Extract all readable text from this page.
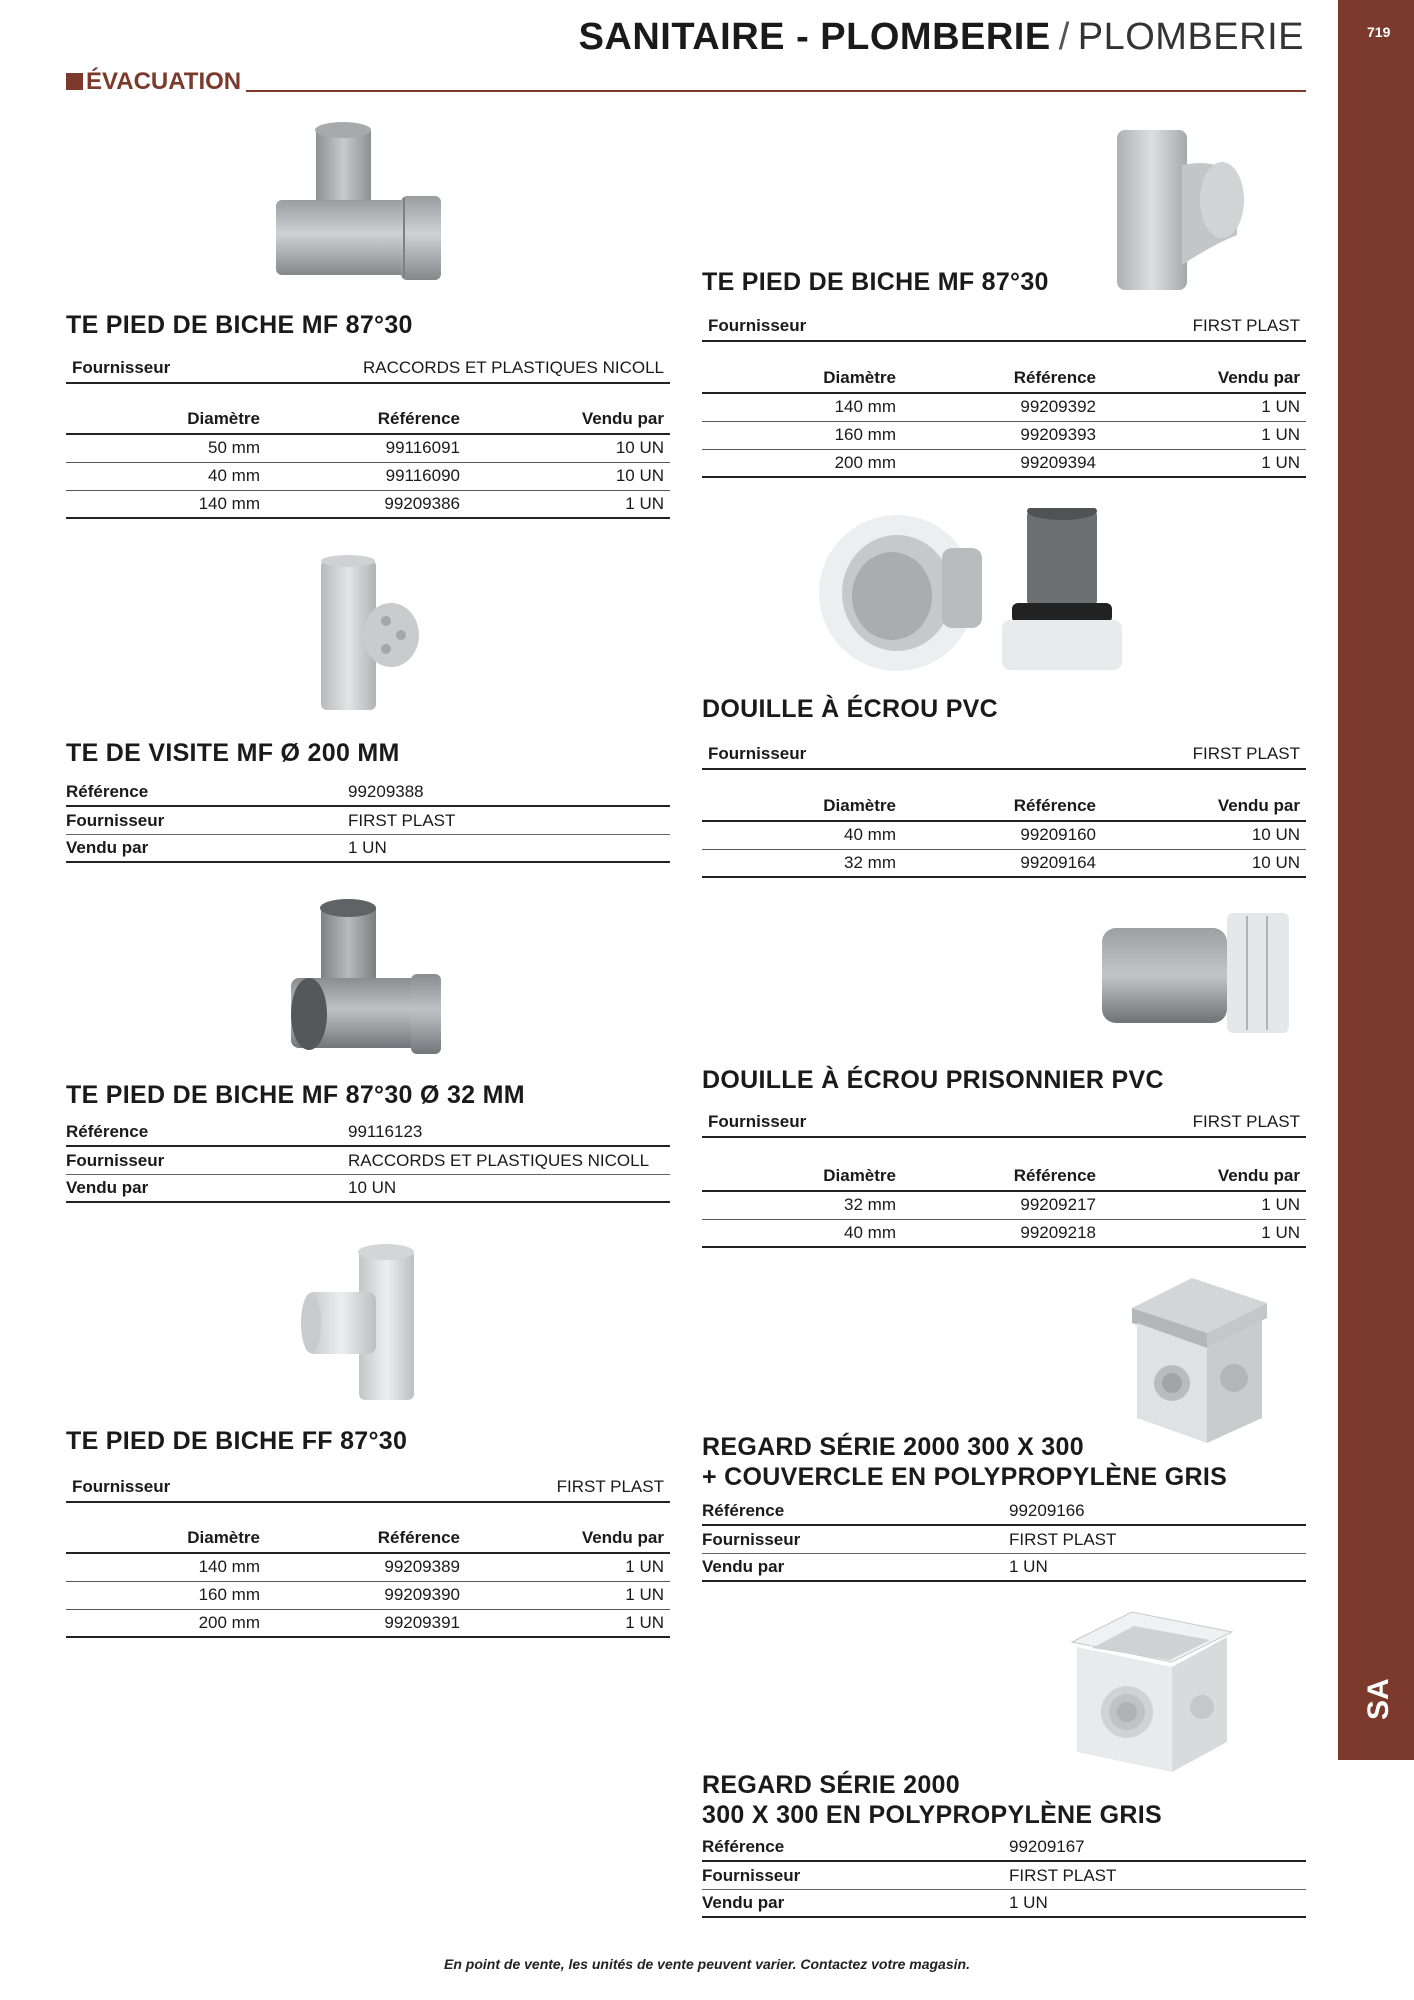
SANITAIRE - PLOMBERIE / PLOMBERIE
ÉVACUATION
719
SA
TE PIED DE BICHE MF 87°30
Fournisseur	RACCORDS ET PLASTIQUES NICOLL
Diamètre	Référence	Vendu par
50 mm	99116091	10 UN
40 mm	99116090	10 UN
140 mm	99209386	1 UN
TE DE VISITE MF Ø 200 MM
Référence	99209388
Fournisseur	FIRST PLAST
Vendu par	1 UN
TE PIED DE BICHE MF 87°30 Ø 32 MM
Référence	99116123
Fournisseur	RACCORDS ET PLASTIQUES NICOLL
Vendu par	10 UN
TE PIED DE BICHE FF 87°30
Fournisseur	FIRST PLAST
Diamètre	Référence	Vendu par
140 mm	99209389	1 UN
160 mm	99209390	1 UN
200 mm	99209391	1 UN
TE PIED DE BICHE MF 87°30
Fournisseur	FIRST PLAST
Diamètre	Référence	Vendu par
140 mm	99209392	1 UN
160 mm	99209393	1 UN
200 mm	99209394	1 UN
DOUILLE À ÉCROU PVC
Fournisseur	FIRST PLAST
Diamètre	Référence	Vendu par
40 mm	99209160	10 UN
32 mm	99209164	10 UN
DOUILLE À ÉCROU PRISONNIER PVC
Fournisseur	FIRST PLAST
Diamètre	Référence	Vendu par
32 mm	99209217	1 UN
40 mm	99209218	1 UN
REGARD SÉRIE 2000 300 X 300
+ COUVERCLE EN POLYPROPYLÈNE GRIS
Référence	99209166
Fournisseur	FIRST PLAST
Vendu par	1 UN
REGARD SÉRIE 2000
300 X 300 EN POLYPROPYLÈNE GRIS
Référence	99209167
Fournisseur	FIRST PLAST
Vendu par	1 UN
En point de vente, les unités de vente peuvent varier. Contactez votre magasin.
